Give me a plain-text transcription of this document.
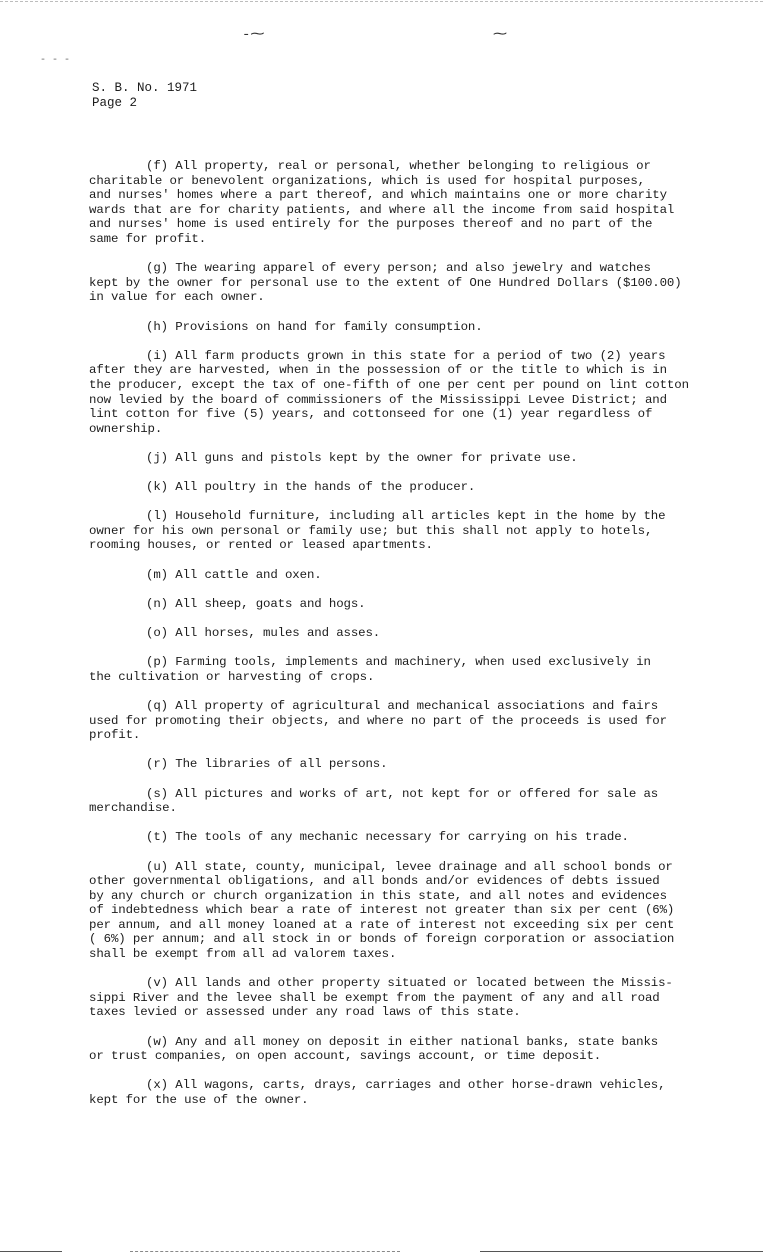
-⁓	⁓
- - -
S. B. No. 1971
Page 2
(f) All property, real or personal, whether belonging to religious or
charitable or benevolent organizations, which is used for hospital purposes,
and nurses' homes where a part thereof, and which maintains one or more charity
wards that are for charity patients, and where all the income from said hospital
and nurses' home is used entirely for the purposes thereof and no part of the
same for profit.
(g) The wearing apparel of every person; and also jewelry and watches
kept by the owner for personal use to the extent of One Hundred Dollars ($100.00)
in value for each owner.
(h) Provisions on hand for family consumption.
(i) All farm products grown in this state for a period of two (2) years
after they are harvested, when in the possession of or the title to which is in
the producer, except the tax of one-fifth of one per cent per pound on lint cotton
now levied by the board of commissioners of the Mississippi Levee District; and
lint cotton for five (5) years, and cottonseed for one (1) year regardless of
ownership.
(j) All guns and pistols kept by the owner for private use.
(k) All poultry in the hands of the producer.
(l) Household furniture, including all articles kept in the home by the
owner for his own personal or family use; but this shall not apply to hotels,
rooming houses, or rented or leased apartments.
(m) All cattle and oxen.
(n) All sheep, goats and hogs.
(o) All horses, mules and asses.
(p) Farming tools, implements and machinery, when used exclusively in
the cultivation or harvesting of crops.
(q) All property of agricultural and mechanical associations and fairs
used for promoting their objects, and where no part of the proceeds is used for
profit.
(r) The libraries of all persons.
(s) All pictures and works of art, not kept for or offered for sale as
merchandise.
(t) The tools of any mechanic necessary for carrying on his trade.
(u) All state, county, municipal, levee drainage and all school bonds or
other governmental obligations, and all bonds and/or evidences of debts issued
by any church or church organization in this state, and all notes and evidences
of indebtedness which bear a rate of interest not greater than six per cent (6%)
per annum, and all money loaned at a rate of interest not exceeding six per cent
( 6%) per annum; and all stock in or bonds of foreign corporation or association
shall be exempt from all ad valorem taxes.
(v) All lands and other property situated or located between the Missis-
sippi River and the levee shall be exempt from the payment of any and all road
taxes levied or assessed under any road laws of this state.
(w) Any and all money on deposit in either national banks, state banks
or trust companies, on open account, savings account, or time deposit.
(x) All wagons, carts, drays, carriages and other horse-drawn vehicles,
kept for the use of the owner.
